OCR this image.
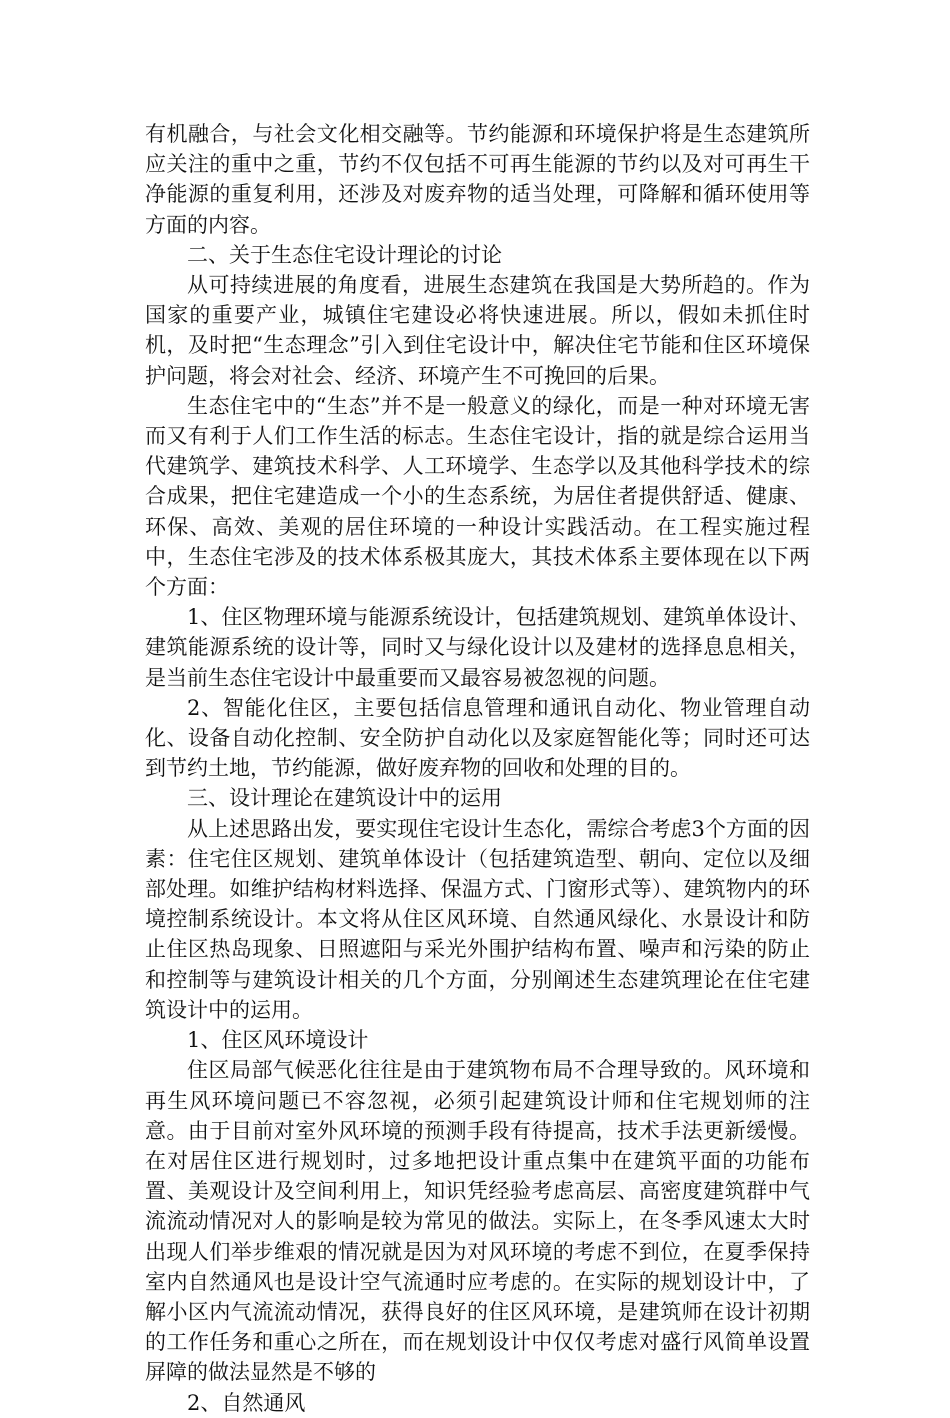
有机融合，与社会文化相交融等。节约能源和环境保护将是生态建筑所应关注的重中之重，节约不仅包括不可再生能源的节约以及对可再生干净能源的重复利用，还涉及对废弃物的适当处理，可降解和循环使用等方面的内容。

二、关于生态住宅设计理论的讨论

从可持续进展的角度看，进展生态建筑在我国是大势所趋的。作为国家的重要产业，城镇住宅建设必将快速进展。所以，假如未抓住时机，及时把“生态理念”引入到住宅设计中，解决住宅节能和住区环境保护问题，将会对社会、经济、环境产生不可挽回的后果。

生态住宅中的“生态”并不是一般意义的绿化，而是一种对环境无害而又有利于人们工作生活的标志。生态住宅设计，指的就是综合运用当代建筑学、建筑技术科学、人工环境学、生态学以及其他科学技术的综合成果，把住宅建造成一个小的生态系统，为居住者提供舒适、健康、环保、高效、美观的居住环境的一种设计实践活动。在工程实施过程中，生态住宅涉及的技术体系极其庞大，其技术体系主要体现在以下两个方面：

1、住区物理环境与能源系统设计，包括建筑规划、建筑单体设计、建筑能源系统的设计等，同时又与绿化设计以及建材的选择息息相关，是当前生态住宅设计中最重要而又最容易被忽视的问题。

2、智能化住区，主要包括信息管理和通讯自动化、物业管理自动化、设备自动化控制、安全防护自动化以及家庭智能化等；同时还可达到节约土地，节约能源，做好废弃物的回收和处理的目的。

三、设计理论在建筑设计中的运用

从上述思路出发，要实现住宅设计生态化，需综合考虑3个方面的因素：住宅住区规划、建筑单体设计（包括建筑造型、朝向、定位以及细部处理。如维护结构材料选择、保温方式、门窗形式等）、建筑物内的环境控制系统设计。本文将从住区风环境、自然通风绿化、水景设计和防止住区热岛现象、日照遮阳与采光外围护结构布置、噪声和污染的防止和控制等与建筑设计相关的几个方面，分别阐述生态建筑理论在住宅建筑设计中的运用。

1、住区风环境设计

住区局部气候恶化往往是由于建筑物布局不合理导致的。风环境和再生风环境问题已不容忽视，必须引起建筑设计师和住宅规划师的注意。由于目前对室外风环境的预测手段有待提高，技术手法更新缓慢。在对居住区进行规划时，过多地把设计重点集中在建筑平面的功能布置、美观设计及空间利用上，知识凭经验考虑高层、高密度建筑群中气流流动情况对人的影响是较为常见的做法。实际上，在冬季风速太大时出现人们举步维艰的情况就是因为对风环境的考虑不到位，在夏季保持室内自然通风也是设计空气流通时应考虑的。在实际的规划设计中，了解小区内气流流动情况，获得良好的住区风环境，是建筑师在设计初期的工作任务和重心之所在，而在规划设计中仅仅考虑对盛行风简单设置屏障的做法显然是不够的

2、自然通风
